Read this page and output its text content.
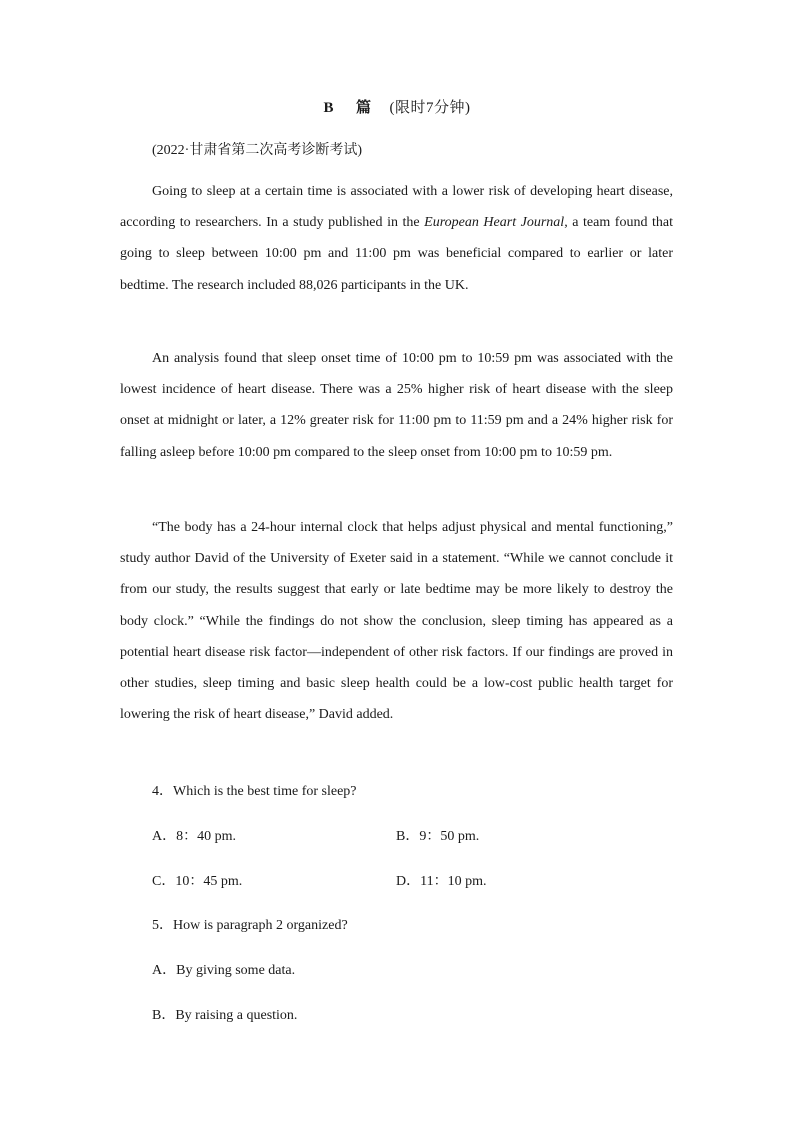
B 篇 (限时7分钟)
(2022·甘肃省第二次高考诊断考试)

Going to sleep at a certain time is associated with a lower risk of developing heart disease, according to researchers. In a study published in the European Heart Journal, a team found that going to sleep between 10:00 pm and 11:00 pm was beneficial compared to earlier or later bedtime. The research included 88,026 participants in the UK.

An analysis found that sleep onset time of 10:00 pm to 10:59 pm was associated with the lowest incidence of heart disease. There was a 25% higher risk of heart disease with the sleep onset at midnight or later, a 12% greater risk for 11:00 pm to 11:59 pm and a 24% higher risk for falling asleep before 10:00 pm compared to the sleep onset from 10:00 pm to 10:59 pm.

“The body has a 24-hour internal clock that helps adjust physical and mental functioning,” study author David of the University of Exeter said in a statement. “While we cannot conclude it from our study, the results suggest that early or late bedtime may be more likely to destroy the body clock.” “While the findings do not show the conclusion, sleep timing has appeared as a potential heart disease risk factor—independent of other risk factors. If our findings are proved in other studies, sleep timing and basic sleep health could be a low-cost public health target for lowering the risk of heart disease,” David added.

4．Which is the best time for sleep?

A．8：40 pm.	B．9：50 pm.
C．10：45 pm.	D．11：10 pm.

5．How is paragraph 2 organized?

A．By giving some data.
B．By raising a question.
